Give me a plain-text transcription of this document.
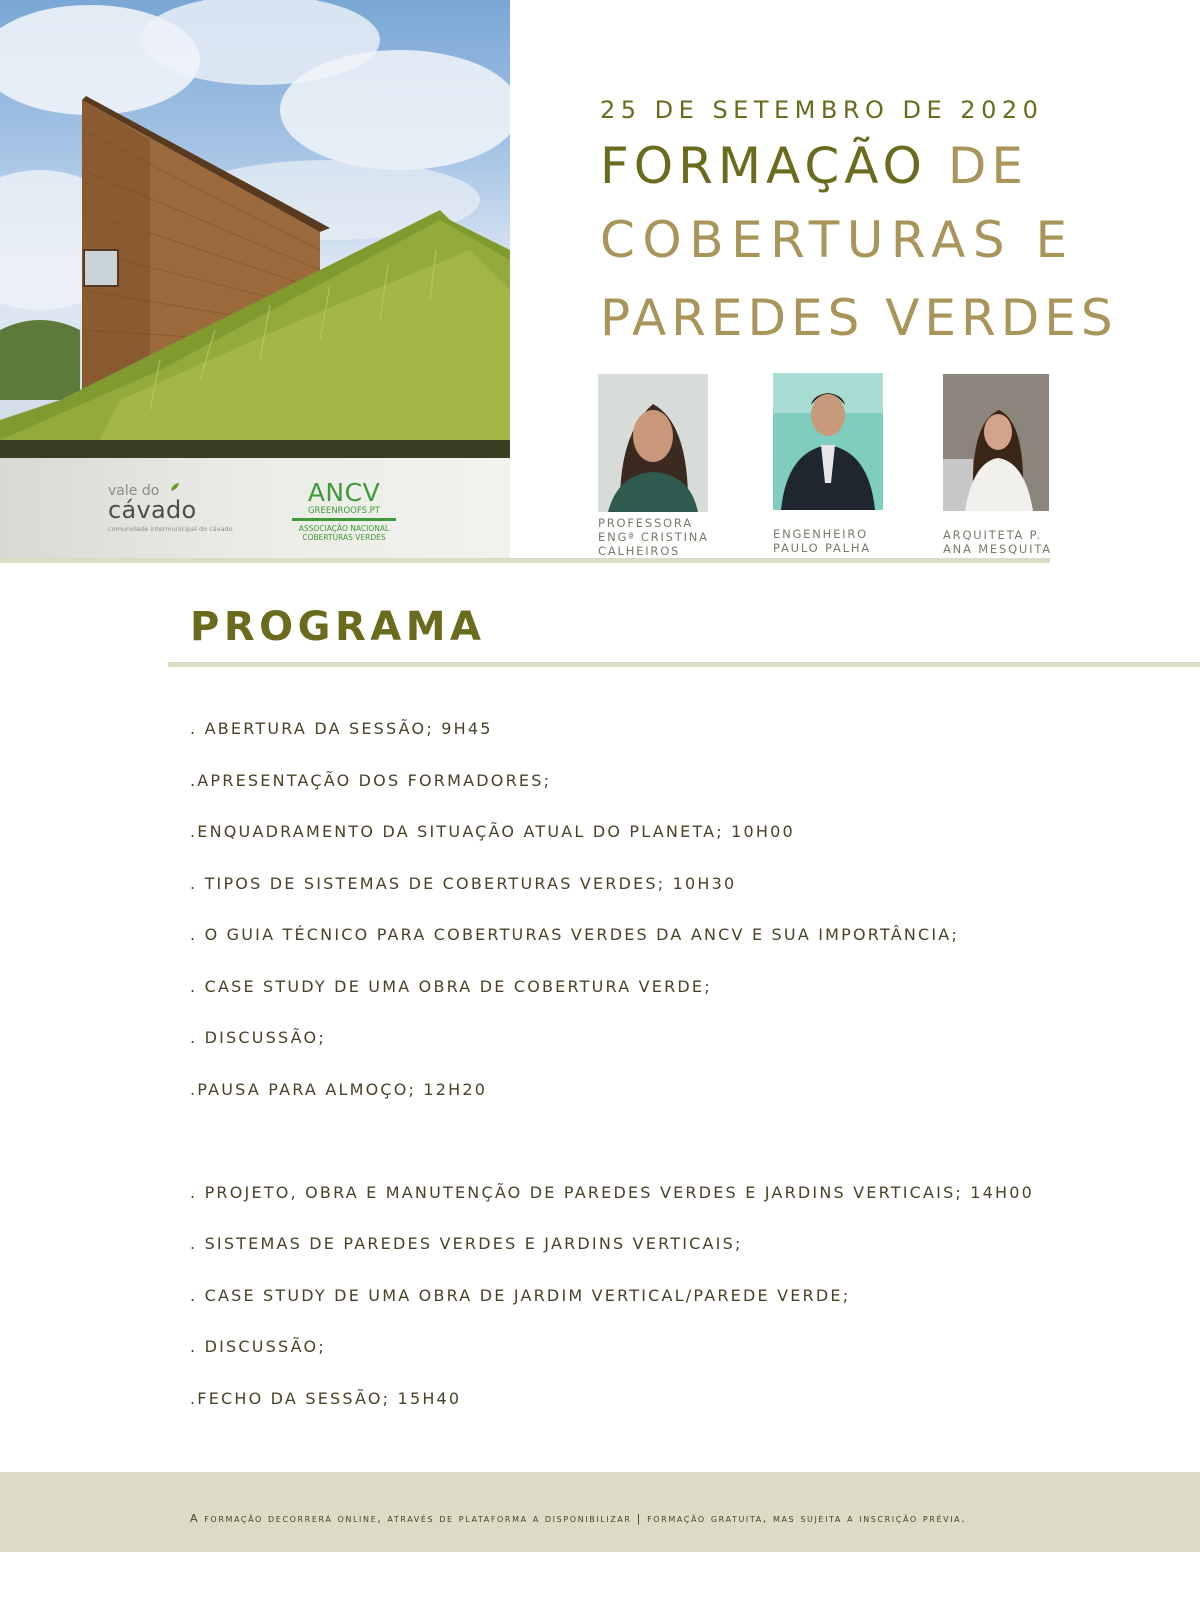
vale do
cávado
comunidade intermunicipal do cávado
ANCV
GREENROOFS.PT
ASSOCIAÇÃO NACIONAL
COBERTURAS VERDES
25 DE SETEMBRO DE 2020
FORMAÇÃO DE
COBERTURAS E
PAREDES VERDES
PROFESSORA
ENGª CRISTINA
CALHEIROS
ENGENHEIRO
PAULO PALHA
ARQUITETA P.
ANA MESQUITA
PROGRAMA
. ABERTURA DA SESSÃO; 9H45
.APRESENTAÇÃO DOS FORMADORES;
.ENQUADRAMENTO DA SITUAÇÃO ATUAL DO PLANETA; 10H00
. TIPOS DE SISTEMAS DE COBERTURAS VERDES; 10H30
. O GUIA TÉCNICO PARA COBERTURAS VERDES DA ANCV E SUA IMPORTÂNCIA;
. CASE STUDY DE UMA OBRA DE COBERTURA VERDE;
. DISCUSSÃO;
.PAUSA PARA ALMOÇO; 12H20
. PROJETO, OBRA E MANUTENÇÃO DE PAREDES VERDES E JARDINS VERTICAIS; 14H00
. SISTEMAS DE PAREDES VERDES E JARDINS VERTICAIS;
. CASE STUDY DE UMA OBRA DE JARDIM VERTICAL/PAREDE VERDE;
. DISCUSSÃO;
.FECHO DA SESSÃO; 15H40
A formação decorrerá online, através de plataforma a disponibilizar | formação gratuita, mas sujeita a inscrição prévia.
